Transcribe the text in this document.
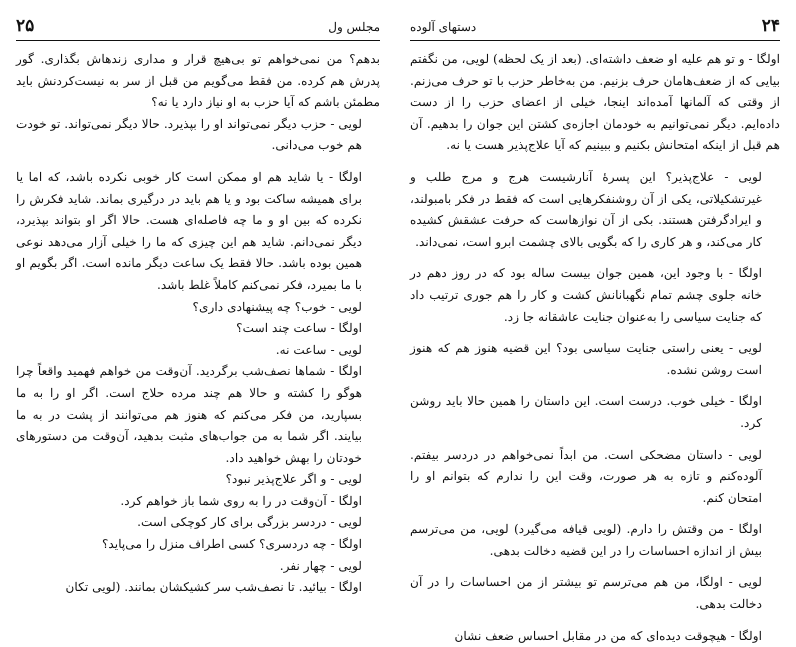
۲۵	مجلس ول

بدهم؟ من نمی‌خواهم تو بی‌هیچ قرار و مداری زندهاش بگذاری. گور پدرش هم کرده. من فقط می‌گویم من قبل از سر به نیست‌کردنش باید مطمئن باشم که آیا حزب به او نیاز دارد یا نه؟

لویی - حزب دیگر نمی‌تواند او را بپذیرد. حالا دیگر نمی‌تواند. تو خودت هم خوب می‌دانی.

اولگا - یا شاید هم او ممکن است کار خوبی نکرده باشد، که اما یا برای همیشه ساکت بود و یا هم باید در درگیری بماند. شاید فکرش را نکرده که بین او و ما چه فاصله‌ای هست. حالا اگر او بتواند بپذیرد، دیگر نمی‌دانم. شاید هم این چیزی که ما را خیلی آزار می‌دهد نوعی همین بوده باشد. حالا فقط یک ساعت دیگر مانده است. اگر بگویم او با ما بمیرد، فکر نمی‌کنم کاملاً غلط باشد.

لویی - خوب؟ چه پیشنهادی داری؟

اولگا - ساعت چند است؟

لویی - ساعت نه.

اولگا - شماها نصف‌شب برگردید. آن‌وقت من خواهم فهمید واقعاً چرا هوگو را کشته و حالا هم چند مرده حلاج است. اگر او را به ما بسپارید، من فکر می‌کنم که هنوز هم می‌توانند از پشت در به ما بیایند. اگر شما به من جواب‌های مثبت بدهید، آن‌وقت من دستورهای خودتان را بهش خواهید داد.

لویی - و اگر علاج‌پذیر نبود؟

اولگا - آن‌وقت در را به روی شما باز خواهم کرد.

لویی - دردسر بزرگی برای کار کوچکی است.

اولگا - چه دردسری؟ کسی اطراف منزل را می‌پاید؟

لویی - چهار نفر.

اولگا - بیائید. تا نصف‌شب سر کشیکشان بمانند. (لویی تکان

۲۴
دستهای آلوده

اولگا - و تو هم علیه او ضعف داشته‌ای. (بعد از یک لحظه) لویی، من نگفتم بیایی که از ضعف‌هامان حرف بزنیم. من به‌خاطر حزب با تو حرف می‌زنم. از وقتی که آلمانها آمده‌اند اینجا، خیلی از اعضای حزب را از دست داده‌ایم. دیگر نمی‌توانیم به خودمان اجازه‌ی کشتن این جوان را بدهیم. آن هم قبل از اینکه امتحانش بکنیم و ببینیم که آیا علاج‌پذیر هست یا نه.

لویی - علاج‌پذیر؟ این پسرهٔ آنارشیست هرج و مرج طلب و غیرتشکیلاتی، یکی از آن روشنفکرهایی است که فقط در فکر بامبولند، و ایرادگرفتن هستند. بکی از آن نوازهاست که حرفت عشقش کشیده کار می‌کند، و هر کاری را که بگویی بالای چشمت ابرو است، نمی‌داند.

اولگا - با وجود این، همین جوان بیست ساله بود که در روز دهم در خانه جلوی چشم تمام نگهبانانش کشت و کار را هم جوری ترتیب داد که جنایت سیاسی را به‌عنوان جنایت عاشقانه جا زد.

لویی - یعنی راستی جنایت سیاسی بود؟ این قضیه هنوز هم که هنوز است روشن نشده.

اولگا - خیلی خوب. درست است. این داستان را همین حالا باید روشن کرد.

لویی - داستان مضحکی است. من ابداً نمی‌خواهم در دردسر بیفتم. آلوده‌کنم و تازه به هر صورت، وقت این را ندارم که بتوانم او را امتحان کنم.

اولگا - من وقتش را دارم. (لویی قیافه می‌گیرد) لویی، من می‌ترسم بیش از اندازه احساسات را در این قضیه دخالت بدهی.

لویی - اولگا، من هم می‌ترسم تو بیشتر از من احساسات را در آن دخالت بدهی.

اولگا - هیچوقت دیده‌ای که من در مقابل احساس ضعف نشان
